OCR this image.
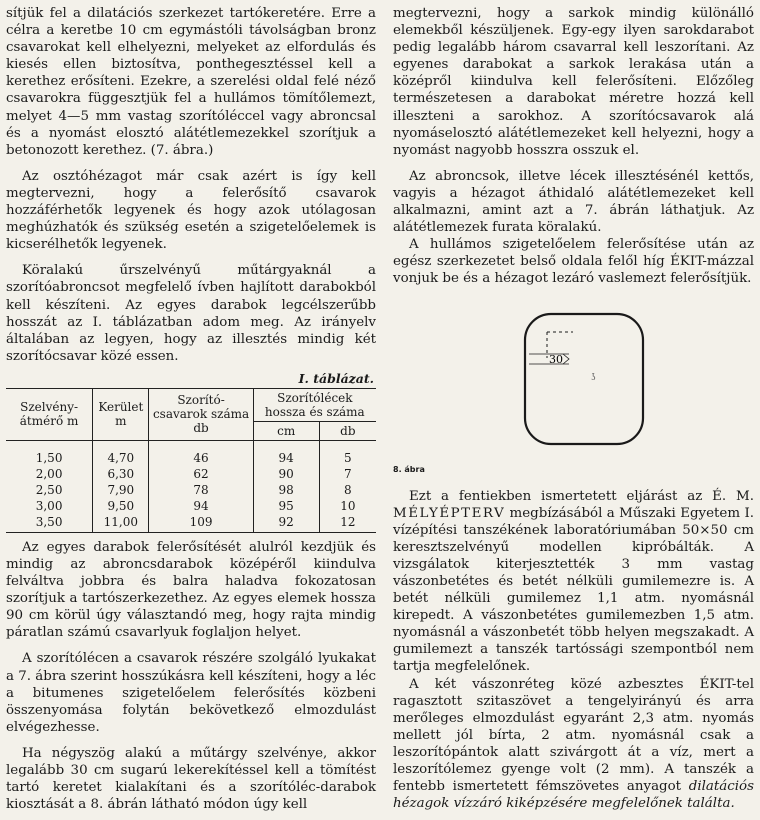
sítjük fel a dilatációs szerkezet tartókeretére. Erre a célra a keretbe 10 cm egymástóli távolságban bronz csavarokat kell elhelyezni, melyeket az elfordulás és kiesés ellen biztosítva, ponthegesztéssel kell a kerethez erősíteni. Ezekre, a szerelési oldal felé néző csavarokra függesztjük fel a hullámos tömítőlemezt, melyet 4—5 mm vastag szorítóléccel vagy abroncsal és a nyomást elosztó alátétlemezekkel szorítjuk a betonozott kerethez. (7. ábra.)

Az osztóhézagot már csak azért is így kell megtervezni, hogy a felerősítő csavarok hozzáférhetők legyenek és hogy azok utólagosan meghúzhatók és szükség esetén a szigetelőelemek is kicserélhetők legyenek.

Köralakú űrszelvényű műtárgyaknál a szorítóabroncsot megfelelő ívben hajlított darabokból kell készíteni. Az egyes darabok legcélszerűbb hosszát az I. táblázatban adom meg. Az irányelv általában az legyen, hogy az illesztés mindig két szorítócsavar közé essen.

I. táblázat.
Szelvény-átmérő m	Kerület m	Szorító-csavarok száma db	Szorítólécek hossza és száma	
			cm	db
1,50	4,70	46	94	5
2,00	6,30	62	90	7
2,50	7,90	78	98	8
3,00	9,50	94	95	10
3,50	11,00	109	92	12

Az egyes darabok felerősítését alulról kezdjük és mindig az abroncsdarabok középéről kiindulva felváltva jobbra és balra haladva fokozatosan szorítjuk a tartószerkezethez. Az egyes elemek hossza 90 cm körül úgy választandó meg, hogy rajta mindig páratlan számú csavarlyuk foglaljon helyet.

A szorítólécen a csavarok részére szolgáló lyukakat a 7. ábra szerint hosszúkásra kell készíteni, hogy a léc a bitumenes szigetelőelem felerősítés közbeni összenyomása folytán bekövetkező elmozdulást elvégezhesse.

Ha négyszög alakú a műtárgy szelvénye, akkor legalább 30 cm sugarú lekerekítéssel kell a tömítést tartó keretet kialakítani és a szorítóléc-darabok kiosztását a 8. ábrán látható módon úgy kell

megtervezni, hogy a sarkok mindig különálló elemekből készüljenek. Egy-egy ilyen sarokdarabot pedig legalább három csavarral kell leszorítani. Az egyenes darabokat a sarkok lerakása után a középről kiindulva kell felerősíteni. Előzőleg természetesen a darabokat méretre hozzá kell illeszteni a sarokhoz. A szorítócsavarok alá nyomáselosztó alátétlemezeket kell helyezni, hogy a nyomást nagyobb hosszra osszuk el.

Az abroncsok, illetve lécek illesztésénél kettős, vagyis a hézagot áthidaló alátétlemezeket kell alkalmazni, amint azt a 7. ábrán láthatjuk. Az alátétlemezek furata köralakú.

A hullámos szigetelőelem felerősítése után az egész szerkezetet belső oldala felől híg ÉKIT-mázzal vonjuk be és a hézagot lezáró vaslemezt felerősítjük.

30
ʖ
8. ábra

Ezt a fentiekben ismertetett eljárást az É. M. MÉLYÉPTERV megbízásából a Műszaki Egyetem I. vízépítési tanszékének laboratóriumában 50×50 cm keresztszelvényű modellen kipróbálták. A vizsgálatok kiterjesztették 3 mm vastag vászonbetétes és betét nélküli gumilemezre is. A betét nélküli gumilemez 1,1 atm. nyomásnál kirepedt. A vászonbetétes gumilemezben 1,5 atm. nyomásnál a vászonbetét több helyen megszakadt. A gumilemezt a tanszék tartóssági szempontból nem tartja megfelelőnek.

A két vászonréteg közé azbesztes ÉKIT-tel ragasztott szitaszövet a tengelyirányú és arra merőleges elmozdulást egyaránt 2,3 atm. nyomás mellett jól bírta, 2 atm. nyomásnál csak a leszorítópántok alatt szivárgott át a víz, mert a leszorítólemez gyenge volt (2 mm). A tanszék a fentebb ismertetett fémszövetes anyagot dilatációs hézagok vízzáró kiképzésére megfelelőnek találta.
